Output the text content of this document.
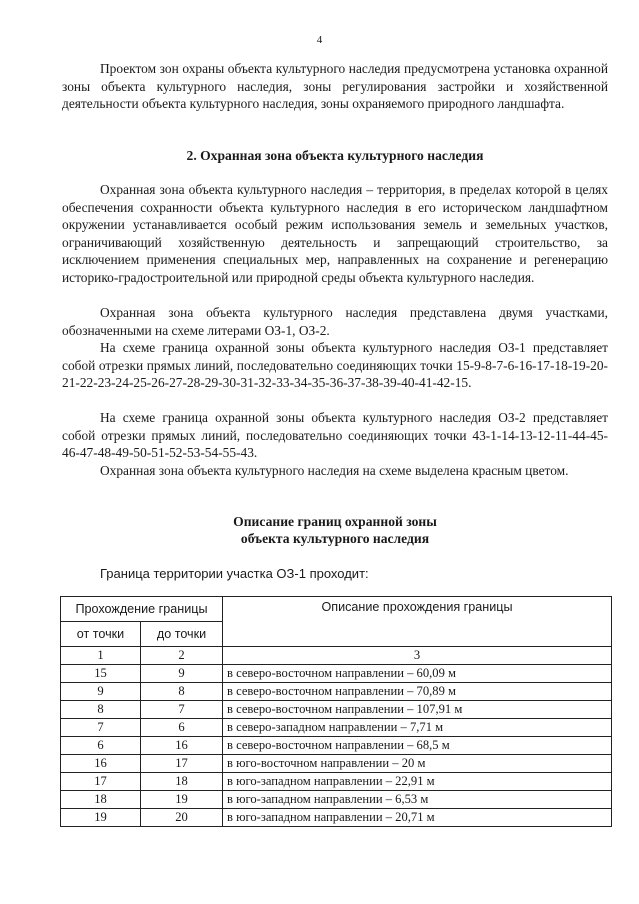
4

Проектом зон охраны объекта культурного наследия предусмотрена установка охранной зоны объекта культурного наследия, зоны регулирования застройки и хозяйственной деятельности объекта культурного наследия, зоны охраняемого природного ландшафта.

2. Охранная зона объекта культурного наследия

Охранная зона объекта культурного наследия – территория, в пределах которой в целях обеспечения сохранности объекта культурного наследия в его историческом ландшафтном окружении устанавливается особый режим использования земель и земельных участков, ограничивающий хозяйственную деятельность и запрещающий строительство, за исключением применения специальных мер, направленных на сохранение и регенерацию историко-градостроительной или природной среды объекта культурного наследия.

Охранная зона объекта культурного наследия представлена двумя участками, обозначенными на схеме литерами ОЗ-1, ОЗ-2.

На схеме граница охранной зоны объекта культурного наследия ОЗ-1 представляет собой отрезки прямых линий, последовательно соединяющих точки 15-9-8-7-6-16-17-18-19-20-21-22-23-24-25-26-27-28-29-30-31-32-33-34-35-36-37-38-39-40-41-42-15.

На схеме граница охранной зоны объекта культурного наследия ОЗ-2 представляет собой отрезки прямых линий, последовательно соединяющих точки 43-1-14-13-12-11-44-45-46-47-48-49-50-51-52-53-54-55-43.

Охранная зона объекта культурного наследия на схеме выделена красным цветом.

Описание границ охранной зоны

объекта культурного наследия

Граница территории участка ОЗ-1 проходит:

Прохождение границы		Описание прохождения границы
от точки	до точки	
1	2	3
15	9	в северо-восточном направлении – 60,09 м
9	8	в северо-восточном направлении – 70,89 м
8	7	в северо-восточном направлении – 107,91 м
7	6	в северо-западном направлении – 7,71 м
6	16	в северо-восточном направлении – 68,5 м
16	17	в юго-восточном направлении – 20 м
17	18	в юго-западном направлении – 22,91 м
18	19	в юго-западном направлении – 6,53 м
19	20	в юго-западном направлении – 20,71 м
